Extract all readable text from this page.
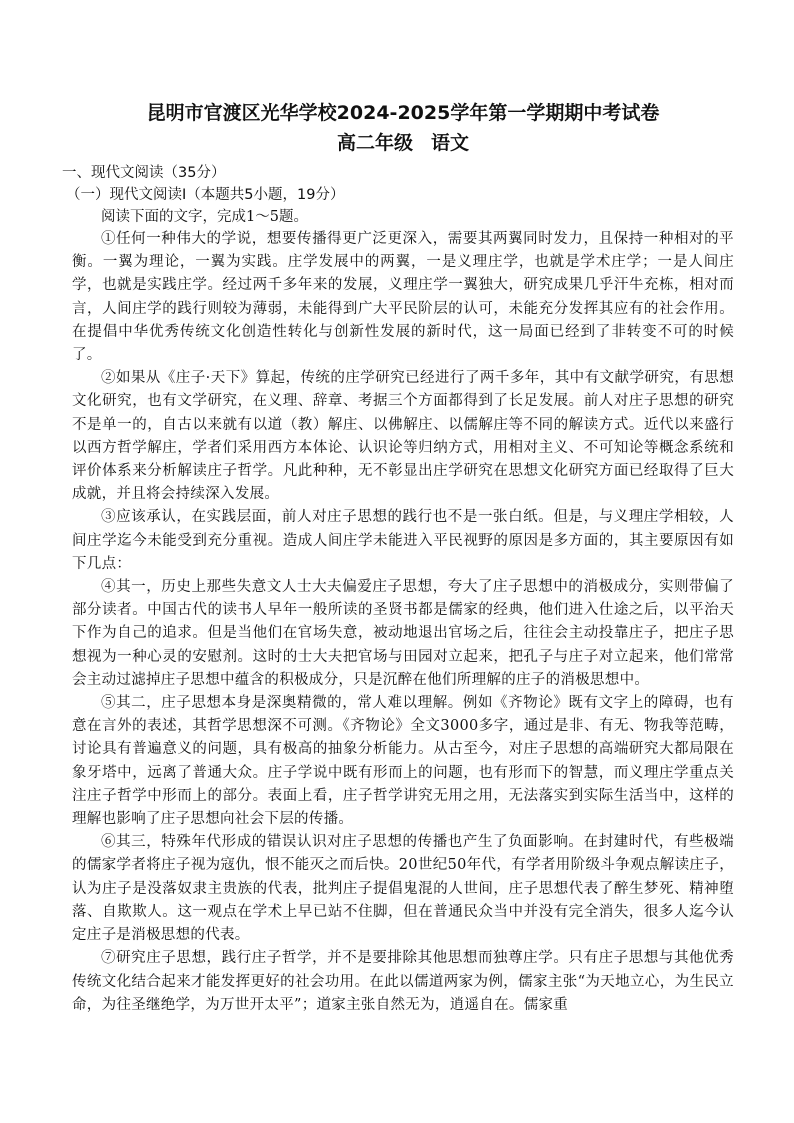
昆明市官渡区光华学校2024-2025学年第一学期期中考试卷
高二年级 语文

一、现代文阅读（35分）

（一）现代文阅读Ⅰ（本题共5小题，19分）

阅读下面的文字，完成1～5题。

①任何一种伟大的学说，想要传播得更广泛更深入，需要其两翼同时发力，且保持一种相对的平衡。一翼为理论，一翼为实践。庄学发展中的两翼，一是义理庄学，也就是学术庄学；一是人间庄学，也就是实践庄学。经过两千多年来的发展，义理庄学一翼独大，研究成果几乎汗牛充栋，相对而言，人间庄学的践行则较为薄弱，未能得到广大平民阶层的认可，未能充分发挥其应有的社会作用。在提倡中华优秀传统文化创造性转化与创新性发展的新时代，这一局面已经到了非转变不可的时候了。

②如果从《庄子·天下》算起，传统的庄学研究已经进行了两千多年，其中有文献学研究，有思想文化研究，也有文学研究，在义理、辞章、考据三个方面都得到了长足发展。前人对庄子思想的研究不是单一的，自古以来就有以道（教）解庄、以佛解庄、以儒解庄等不同的解读方式。近代以来盛行以西方哲学解庄，学者们采用西方本体论、认识论等归纳方式，用相对主义、不可知论等概念系统和评价体系来分析解读庄子哲学。凡此种种，无不彰显出庄学研究在思想文化研究方面已经取得了巨大成就，并且将会持续深入发展。

③应该承认，在实践层面，前人对庄子思想的践行也不是一张白纸。但是，与义理庄学相较，人间庄学迄今未能受到充分重视。造成人间庄学未能进入平民视野的原因是多方面的，其主要原因有如下几点：

④其一，历史上那些失意文人士大夫偏爱庄子思想，夸大了庄子思想中的消极成分，实则带偏了部分读者。中国古代的读书人早年一般所读的圣贤书都是儒家的经典，他们进入仕途之后，以平治天下作为自己的追求。但是当他们在官场失意，被动地退出官场之后，往往会主动投靠庄子，把庄子思想视为一种心灵的安慰剂。这时的士大夫把官场与田园对立起来，把孔子与庄子对立起来，他们常常会主动过滤掉庄子思想中蕴含的积极成分，只是沉醉在他们所理解的庄子的消极思想中。

⑤其二，庄子思想本身是深奥精微的，常人难以理解。例如《齐物论》既有文字上的障碍，也有意在言外的表述，其哲学思想深不可测。《齐物论》全文3000多字，通过是非、有无、物我等范畴，讨论具有普遍意义的问题，具有极高的抽象分析能力。从古至今，对庄子思想的高端研究大都局限在象牙塔中，远离了普通大众。庄子学说中既有形而上的问题，也有形而下的智慧，而义理庄学重点关注庄子哲学中形而上的部分。表面上看，庄子哲学讲究无用之用，无法落实到实际生活当中，这样的理解也影响了庄子思想向社会下层的传播。

⑥其三，特殊年代形成的错误认识对庄子思想的传播也产生了负面影响。在封建时代，有些极端的儒家学者将庄子视为寇仇，恨不能灭之而后快。20世纪50年代，有学者用阶级斗争观点解读庄子，认为庄子是没落奴隶主贵族的代表，批判庄子提倡鬼混的人世间，庄子思想代表了醉生梦死、精神堕落、自欺欺人。这一观点在学术上早已站不住脚，但在普通民众当中并没有完全消失，很多人迄今认定庄子是消极思想的代表。

⑦研究庄子思想，践行庄子哲学，并不是要排除其他思想而独尊庄学。只有庄子思想与其他优秀传统文化结合起来才能发挥更好的社会功用。在此以儒道两家为例，儒家主张“为天地立心，为生民立命，为往圣继绝学，为万世开太平”；道家主张自然无为，逍遥自在。儒家重
